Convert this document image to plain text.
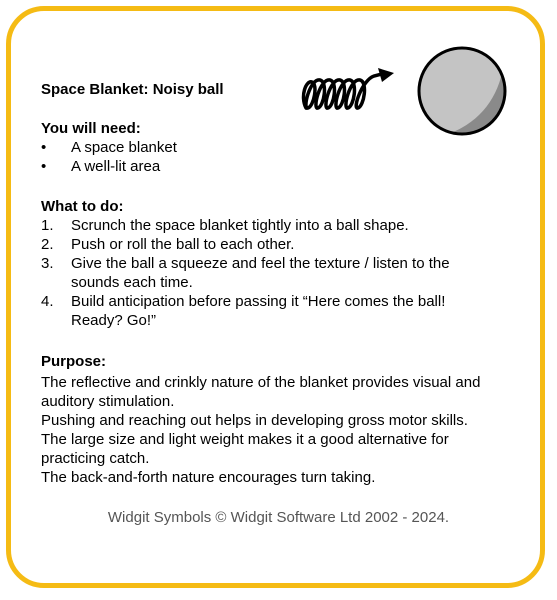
Space Blanket: Noisy ball
You will need:
• A space blanket
• A well-lit area
What to do:
1. Scrunch the space blanket tightly into a ball shape.
2. Push or roll the ball to each other.
3. Give the ball a squeeze and feel the texture / listen to the
sounds each time.
4. Build anticipation before passing it “Here comes the ball!
Ready? Go!”
Purpose:

The reflective and crinkly nature of the blanket provides visual and
auditory stimulation.

Pushing and reaching out helps in developing gross motor skills.

The large size and light weight makes it a good alternative for
practicing catch.

The back-and-forth nature encourages turn taking.

Widgit Symbols © Widgit Software Ltd 2002 - 2024.
